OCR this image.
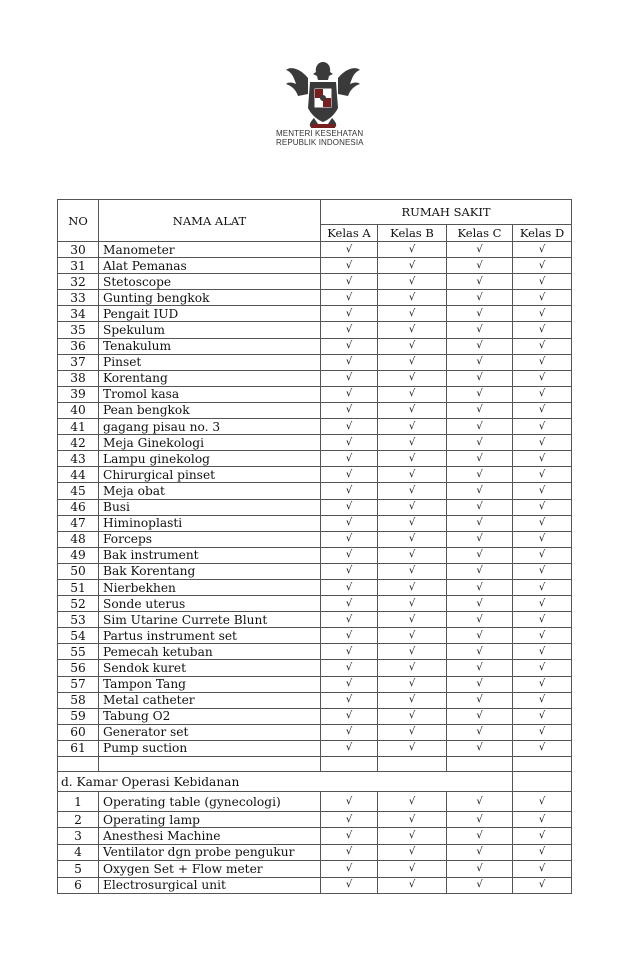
MENTERI KESEHATAN
REPUBLIK INDONESIA
NO	NAMA ALAT	RUMAH SAKIT			
		Kelas A	Kelas B	Kelas C	Kelas D
30	Manometer	√	√	√	√
31	Alat Pemanas	√	√	√	√
32	Stetoscope	√	√	√	√
33	Gunting bengkok	√	√	√	√
34	Pengait IUD	√	√	√	√
35	Spekulum	√	√	√	√
36	Tenakulum	√	√	√	√
37	Pinset	√	√	√	√
38	Korentang	√	√	√	√
39	Tromol kasa	√	√	√	√
40	Pean bengkok	√	√	√	√
41	gagang pisau no. 3	√	√	√	√
42	Meja Ginekologi	√	√	√	√
43	Lampu ginekolog	√	√	√	√
44	Chirurgical pinset	√	√	√	√
45	Meja obat	√	√	√	√
46	Busi	√	√	√	√
47	Himinoplasti	√	√	√	√
48	Forceps	√	√	√	√
49	Bak instrument	√	√	√	√
50	Bak Korentang	√	√	√	√
51	Nierbekhen	√	√	√	√
52	Sonde uterus	√	√	√	√
53	Sim Utarine Currete Blunt	√	√	√	√
54	Partus instrument set	√	√	√	√
55	Pemecah ketuban	√	√	√	√
56	Sendok kuret	√	√	√	√
57	Tampon Tang	√	√	√	√
58	Metal catheter	√	√	√	√
59	Tabung O2	√	√	√	√
60	Generator set	√	√	√	√
61	Pump suction	√	√	√	√

d. Kamar Operasi Kebidanan					
1	Operating table (gynecologi)	√	√	√	√
2	Operating lamp	√	√	√	√
3	Anesthesi Machine	√	√	√	√
4	Ventilator dgn probe pengukur	√	√	√	√
5	Oxygen Set + Flow meter	√	√	√	√
6	Electrosurgical unit	√	√	√	√
